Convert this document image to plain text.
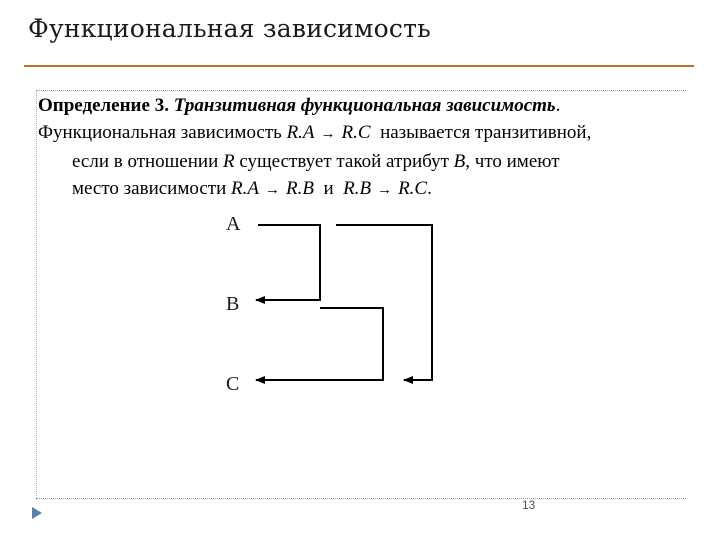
Функциональная зависимость
Определение 3. Транзитивная функциональная зависимость.
Функциональная зависимость R.A → R.C  называется транзитивной,
если в отношении R существует такой атрибут B, что имеют
место зависимости R.A → R.B  и  R.B → R.C.
A
B
C
13
